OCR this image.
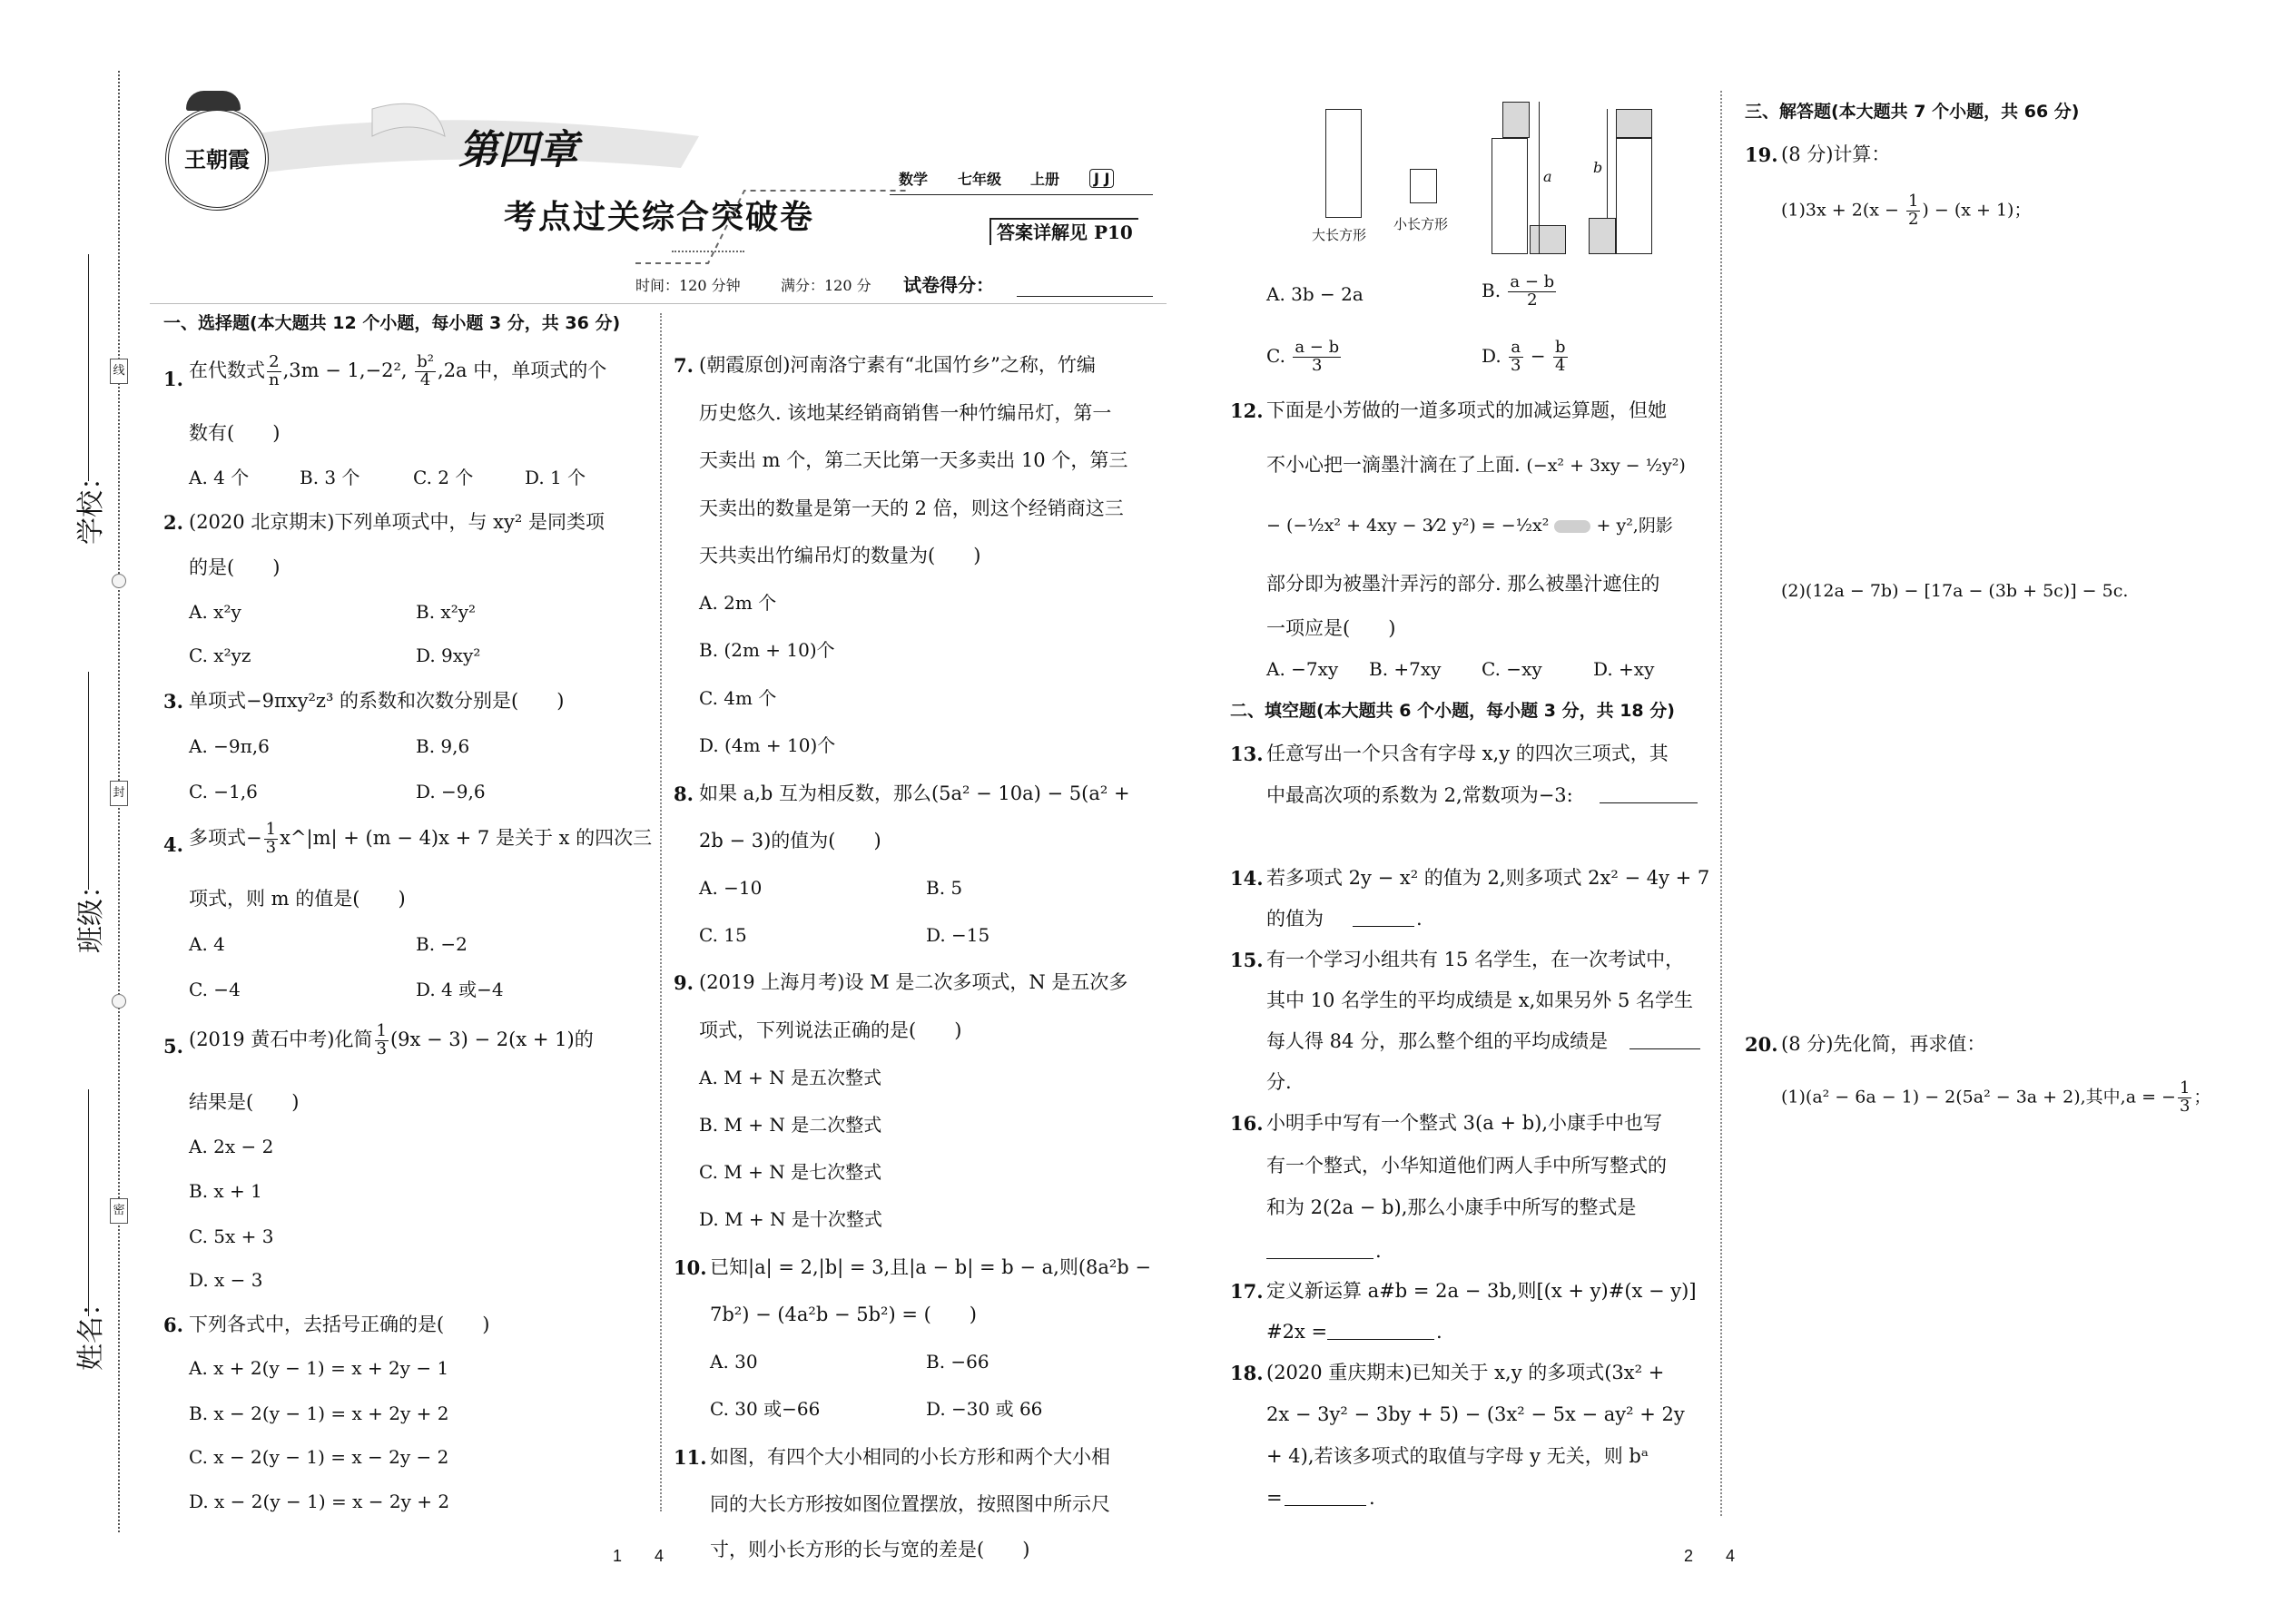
学校：
班级：
姓名：
线
封
密
王朝霞	第四章
考点过关综合突破卷
数学 七年级 上册	J J
答案详解见 P10
时间：120 分钟	满分：120 分 试卷得分：
一、选择题(本大题共 12 个小题，每小题 3 分，共 36 分)
1. 在代数式 $\frac{2}{n} ,3m - 1,-2^2$, $\frac{\text{b²}}{4} ,2a$ 中，单项式的个
数有(　　)
A. 4 个	B. 3 个	C. 2 个	D. 1 个
2. (2020 北京期末)下列单项式中，与 xy² 是同类项
的是(　　)
A. x²y	B. x²y²
C. x²yz	D. 9xy²
3. 单项式−9πxy²z³ 的系数和次数分别是(　　)
A. −9π,6	B. 9,6
C. −1,6	D. −9,6
4. 多项式− $\frac{1}{3}$ x^|m| + (m − 4)x + 7 是关于 x 的四次三
项式，则 m 的值是(　　)
A. 4	B. −2
C. −4	D. 4 或−4
5. (2019 黄石中考)化简 $\frac{1}{3} (9x - 3) - 2(x + 1)$的
结果是(　　)
A. 2x − 2
B. x + 1
C. 5x + 3
D. x − 3
6. 下列各式中，去括号正确的是(　　)
A. x + 2(y − 1) = x + 2y − 1
B. x − 2(y − 1) = x + 2y + 2
C. x − 2(y − 1) = x − 2y − 2
D. x − 2(y − 1) = x − 2y + 2
7. (朝霞原创)河南洛宁素有“北国竹乡”之称，竹编
历史悠久. 该地某经销商销售一种竹编吊灯，第一
天卖出 m 个，第二天比第一天多卖出 10 个，第三
天卖出的数量是第一天的 2 倍，则这个经销商这三
天共卖出竹编吊灯的数量为(　　)
A. 2m 个
B. (2m + 10)个
C. 4m 个
D. (4m + 10)个
8. 如果 a,b 互为相反数，那么(5a² − 10a) − 5(a² +
2b − 3)的值为(　　)
A. −10	B. 5
C. 15	D. −15
9. (2019 上海月考)设 M 是二次多项式，N 是五次多
项式，下列说法正确的是(　　)
A. M + N 是五次整式
B. M + N 是二次整式
C. M + N 是七次整式
D. M + N 是十次整式
10. 已知|a| = 2,|b| = 3,且|a − b| = b − a,则(8a²b −
7b²) − (4a²b − 5b²) = (　　)
A. 30	B. −66
C. 30 或−66	D. −30 或 66
11. 如图，有四个大小相同的小长方形和两个大小相
同的大长方形按如图位置摆放，按照图中所示尺
寸，则小长方形的长与宽的差是(　　)
大长方形
小长方形
a
b
A. 3b − 2a	B. $\frac{a - b}{2}$
C. $\frac{a - b}{3}$	D. $\frac{a}{3} - \frac{b}{4}$
12. 下面是小芳做的一道多项式的加减运算题，但她
不小心把一滴墨汁滴在了上面. (−x² + 3xy − ½y²)
− (−½x² + 4xy − 3⁄2 y²) = −½x²	+ y²,阴影
部分即为被墨汁弄污的部分. 那么被墨汁遮住的
一项应是(　　)
A. −7xy B. +7xy C. −xy	D. +xy
二、填空题(本大题共 6 个小题，每小题 3 分，共 18 分)
13. 任意写出一个只含有字母 x,y 的四次三项式，其
中最高次项的系数为 2,常数项为−3:
14. 若多项式 2y − x² 的值为 2,则多项式 2x² − 4y + 7
的值为	.
15. 有一个学习小组共有 15 名学生，在一次考试中，
其中 10 名学生的平均成绩是 x,如果另外 5 名学生
每人得 84 分，那么整个组的平均成绩是
分.
16. 小明手中写有一个整式 3(a + b),小康手中也写
有一个整式，小华知道他们两人手中所写整式的
和为 2(2a − b),那么小康手中所写的整式是
.
17. 定义新运算 a#b = 2a − 3b,则[(x + y)#(x − y)]
#2x =	.
18. (2020 重庆期末)已知关于 x,y 的多项式(3x² +
2x − 3y² − 3by + 5) − (3x² − 5x − ay² + 2y
+ 4),若该多项式的取值与字母 y 无关，则 bᵃ
=	.
三、解答题(本大题共 7 个小题，共 66 分)
19. (8 分)计算：
$(1)3x + 2(x - \frac{1}{2}$ ) − (x + 1)；
(2)(12a − 7b) − [17a − (3b + 5c)] − 5c.
20. (8 分)先化简，再求值：
(1)(a² − 6a − 1) − 2(5a² − 3a + 2),其中,a = − $\frac{1}{3}$ ；
1　　4	2　　4
